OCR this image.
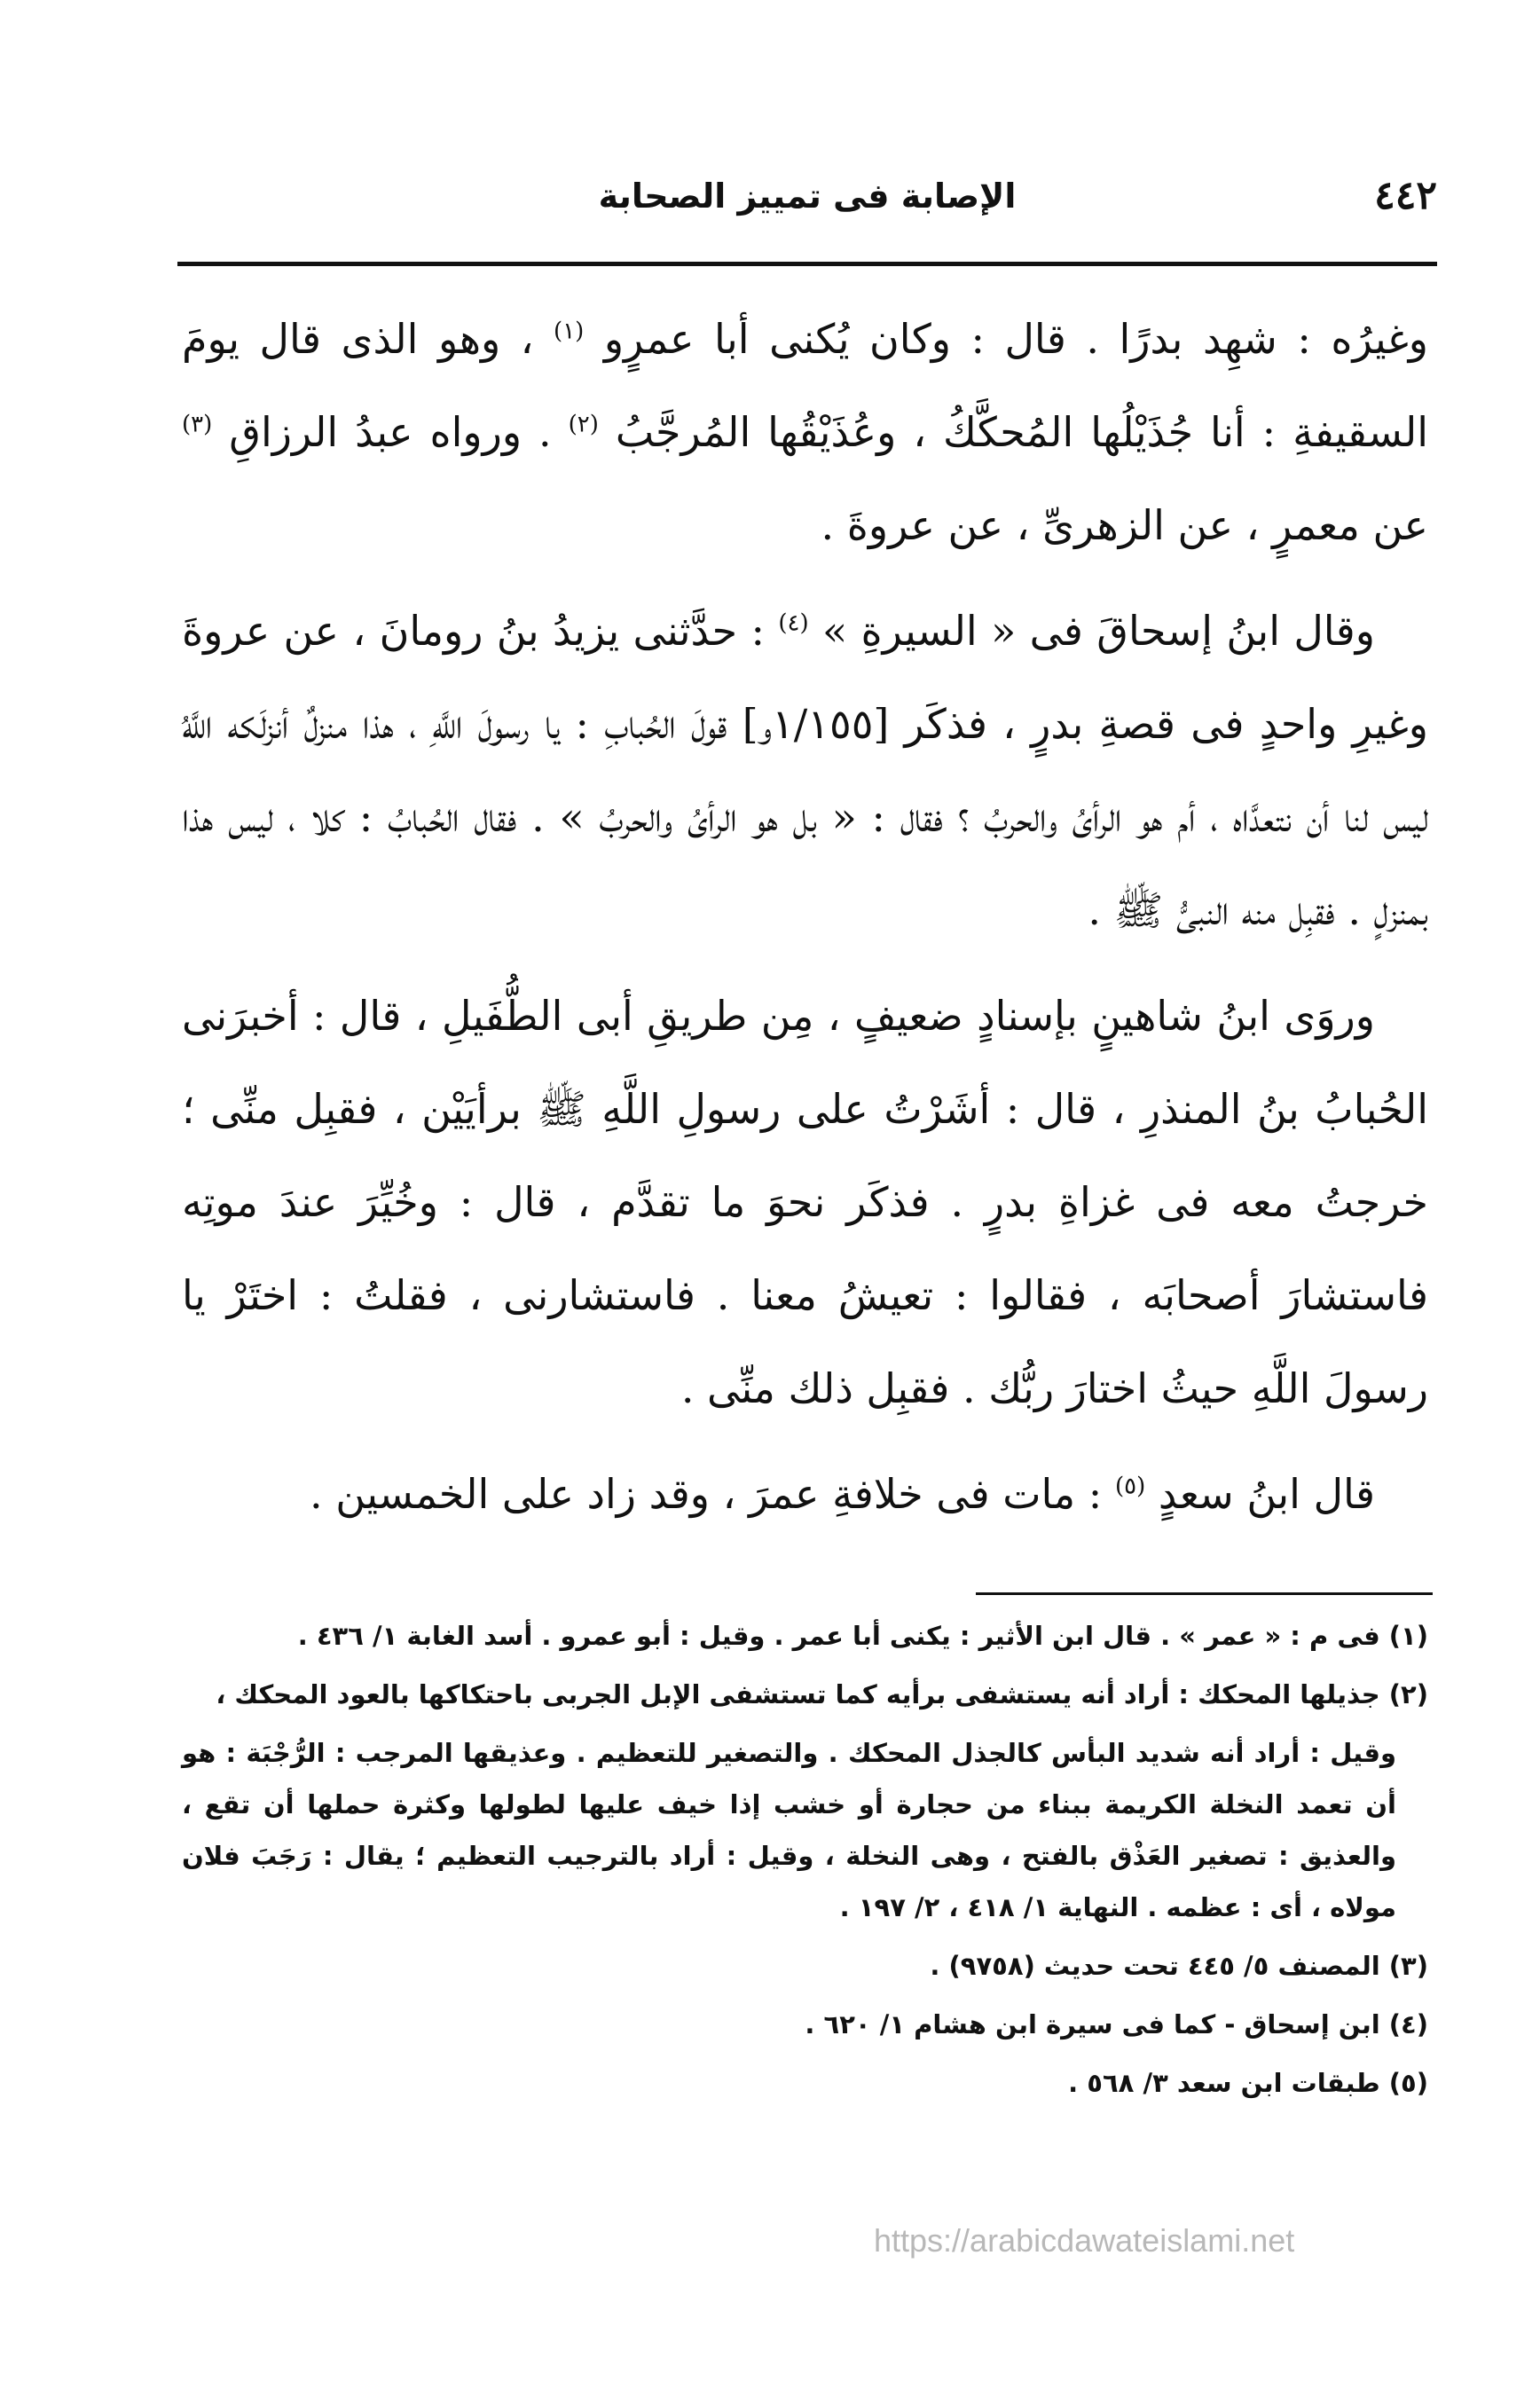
٤٤٢
الإصابة فى تمييز الصحابة

وغيرُه : شهِد بدرًا . قال : وكان يُكنى أبا عمرٍو $^{(١)}$ ، وهو الذى قال يومَ السقيفةِ : أنا جُذَيْلُها المُحكَّكُ ، وعُذَيْقُها المُرجَّبُ $^{(٢)}$ . ورواه عبدُ الرزاقِ $^{(٣)}$ عن معمرٍ ، عن الزهرىِّ ، عن عروةَ .

وقال ابنُ إسحاقَ فى « السيرةِ » $^{(٤)}$ : حدَّثنى يزيدُ بنُ رومانَ ، عن عروةَ وغيرِ واحدٍ فى قصةِ بدرٍ ، فذكَر [١/١٥٥و] قولَ الحُبابِ : يا رسولَ اللَّهِ ، هذا منزلٌ أنزلَكه اللَّهُ ليس لنا أن نتعدَّاه ، أم هو الرأىُ والحربُ ؟ فقال : « بل هو الرأىُ والحربُ » . فقال الحُبابُ : كلا ، ليس هذا بمنزلٍ . فقبِل منه النبىُّ ﷺ .

وروَى ابنُ شاهينٍ بإسنادٍ ضعيفٍ ، مِن طريقِ أبى الطُّفَيلِ ، قال : أخبرَنى الحُبابُ بنُ المنذرِ ، قال : أشَرْتُ على رسولِ اللَّهِ ﷺ برأيَيْن ، فقبِل منِّى ؛ خرجتُ معه فى غزاةِ بدرٍ . فذكَر نحوَ ما تقدَّم ، قال : وخُيِّرَ عندَ موتِه فاستشارَ أصحابَه ، فقالوا : تعيشُ معنا . فاستشارنى ، فقلتُ : اختَرْ يا رسولَ اللَّهِ حيثُ اختارَ ربُّك . فقبِل ذلك منِّى .

قال ابنُ سعدٍ $^{(٥)}$ : مات فى خلافةِ عمرَ ، وقد زاد على الخمسين .

(١) فى م : « عمر » . قال ابن الأثير : يكنى أبا عمر . وقيل : أبو عمرو . أسد الغابة ١/ ٤٣٦ .
(٢) جذيلها المحكك : أراد أنه يستشفى برأيه كما تستشفى الإبل الجربى باحتكاكها بالعود المحكك ،
وقيل : أراد أنه شديد البأس كالجذل المحكك . والتصغير للتعظيم . وعذيقها المرجب : الرُّجْبَة : هو أن تعمد النخلة الكريمة ببناء من حجارة أو خشب إذا خيف عليها لطولها وكثرة حملها أن تقع ، والعذيق : تصغير العَذْق بالفتح ، وهى النخلة ، وقيل : أراد بالترجيب التعظيم ؛ يقال : رَجَبَ فلان مولاه ، أى : عظمه . النهاية ١/ ٤١٨ ، ٢/ ١٩٧ .
(٣) المصنف ٥/ ٤٤٥ تحت حديث (٩٧٥٨) .
(٤) ابن إسحاق - كما فى سيرة ابن هشام ١/ ٦٢٠ .
(٥) طبقات ابن سعد ٣/ ٥٦٨ .
https://arabicdawateislami.net
